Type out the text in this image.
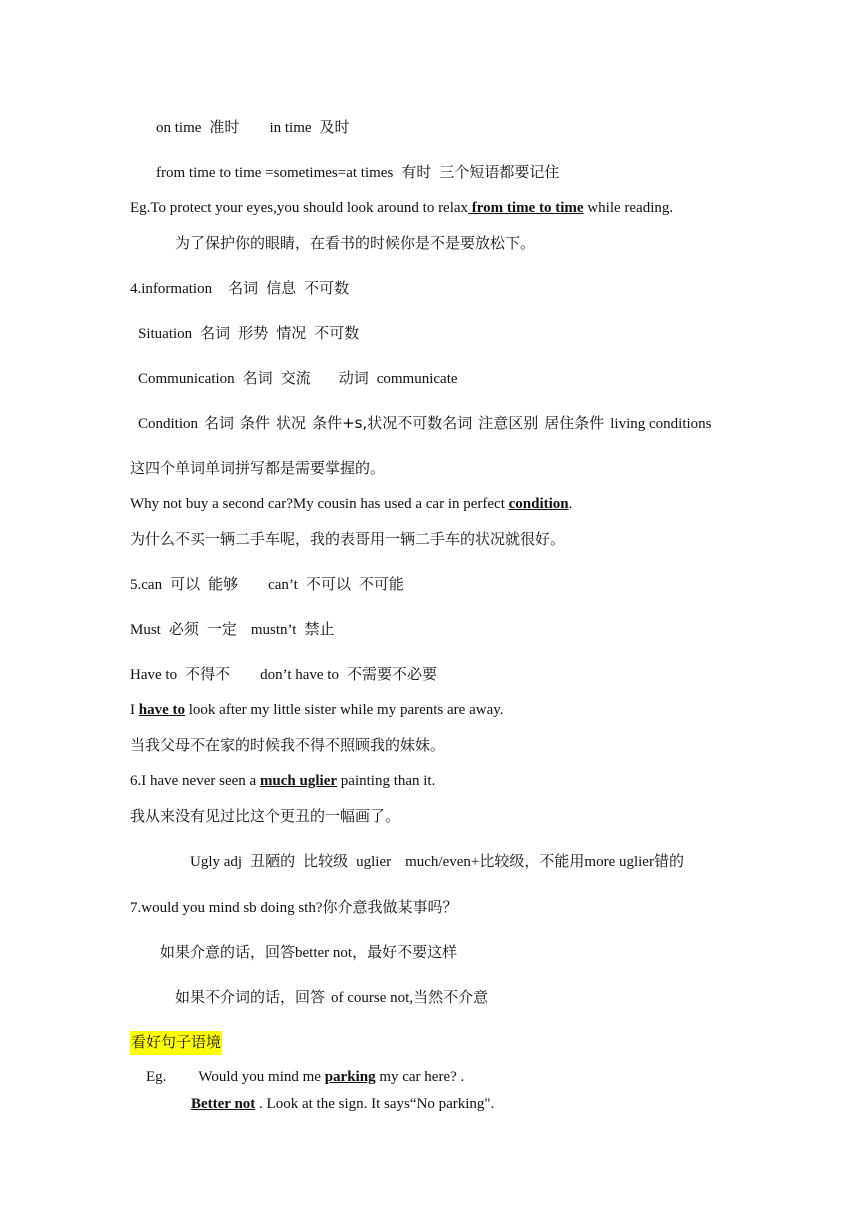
on time 准时 in time 及时
from time to time =sometimes=at times 有时 三个短语都要记住
Eg.To protect your eyes,you should look around to relax from time to time while reading.
为了保护你的眼睛，在看书的时候你是不是要放松下。
4.information 名词 信息 不可数
Situation 名词 形势 情况 不可数
Communication 名词 交流 动词 communicate
Condition 名词 条件 状况 条件+s,状况不可数名词 注意区别 居住条件 living conditions
这四个单词单词拼写都是需要掌握的。
Why not buy a second car?My cousin has used a car in perfect condition.
为什么不买一辆二手车呢，我的表哥用一辆二手车的状况就很好。
5.can 可以 能够 can’t 不可以 不可能
Must 必须 一定 mustn’t 禁止
Have to 不得不 don’t have to 不需要不必要
I have to look after my little sister while my parents are away.
当我父母不在家的时候我不得不照顾我的妹妹。
6.I have never seen a much uglier painting than it.
我从来没有见过比这个更丑的一幅画了。
Ugly adj 丑陋的 比较级 uglier much/even+比较级，不能用more uglier错的
7.would you mind sb doing sth?你介意我做某事吗？
如果介意的话，回答better not，最好不要这样
如果不介词的话，回答 of course not,当然不介意
看好句子语境
Eg. Would you mind me parking my car here? .
Better not . Look at the sign. It says“No parking".
